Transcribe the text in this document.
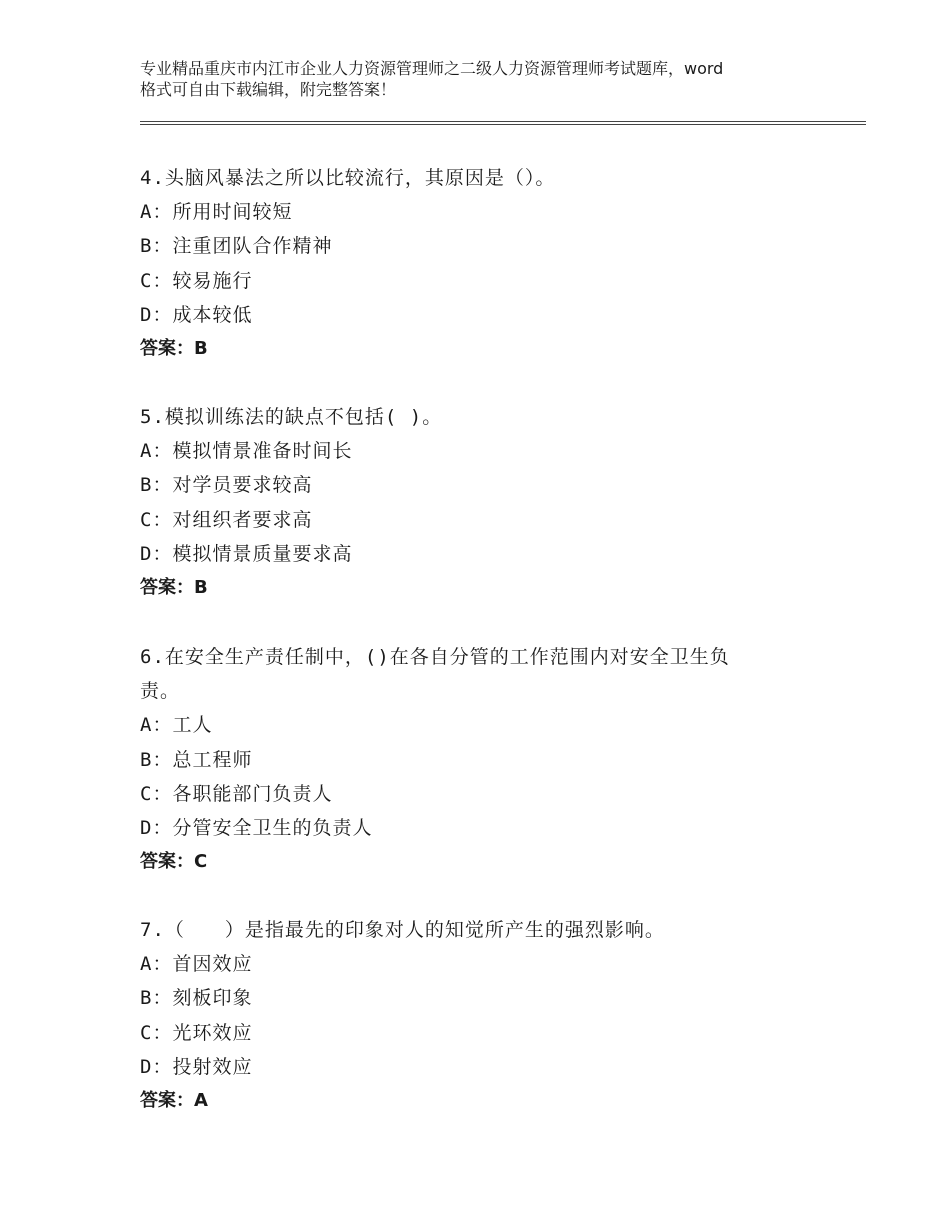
专业精品重庆市内江市企业人力资源管理师之二级人力资源管理师考试题库，word
格式可自由下载编辑，附完整答案！
4.头脑风暴法之所以比较流行，其原因是（）。
A：所用时间较短
B：注重团队合作精神
C：较易施行
D：成本较低
答案：B
5.模拟训练法的缺点不包括( )。
A：模拟情景准备时间长
B：对学员要求较高
C：对组织者要求高
D：模拟情景质量要求高
答案：B
6.在安全生产责任制中，()在各自分管的工作范围内对安全卫生负
责。
A：工人
B：总工程师
C：各职能部门负责人
D：分管安全卫生的负责人
答案：C
7.（　　）是指最先的印象对人的知觉所产生的强烈影响。
A：首因效应
B：刻板印象
C：光环效应
D：投射效应
答案：A
